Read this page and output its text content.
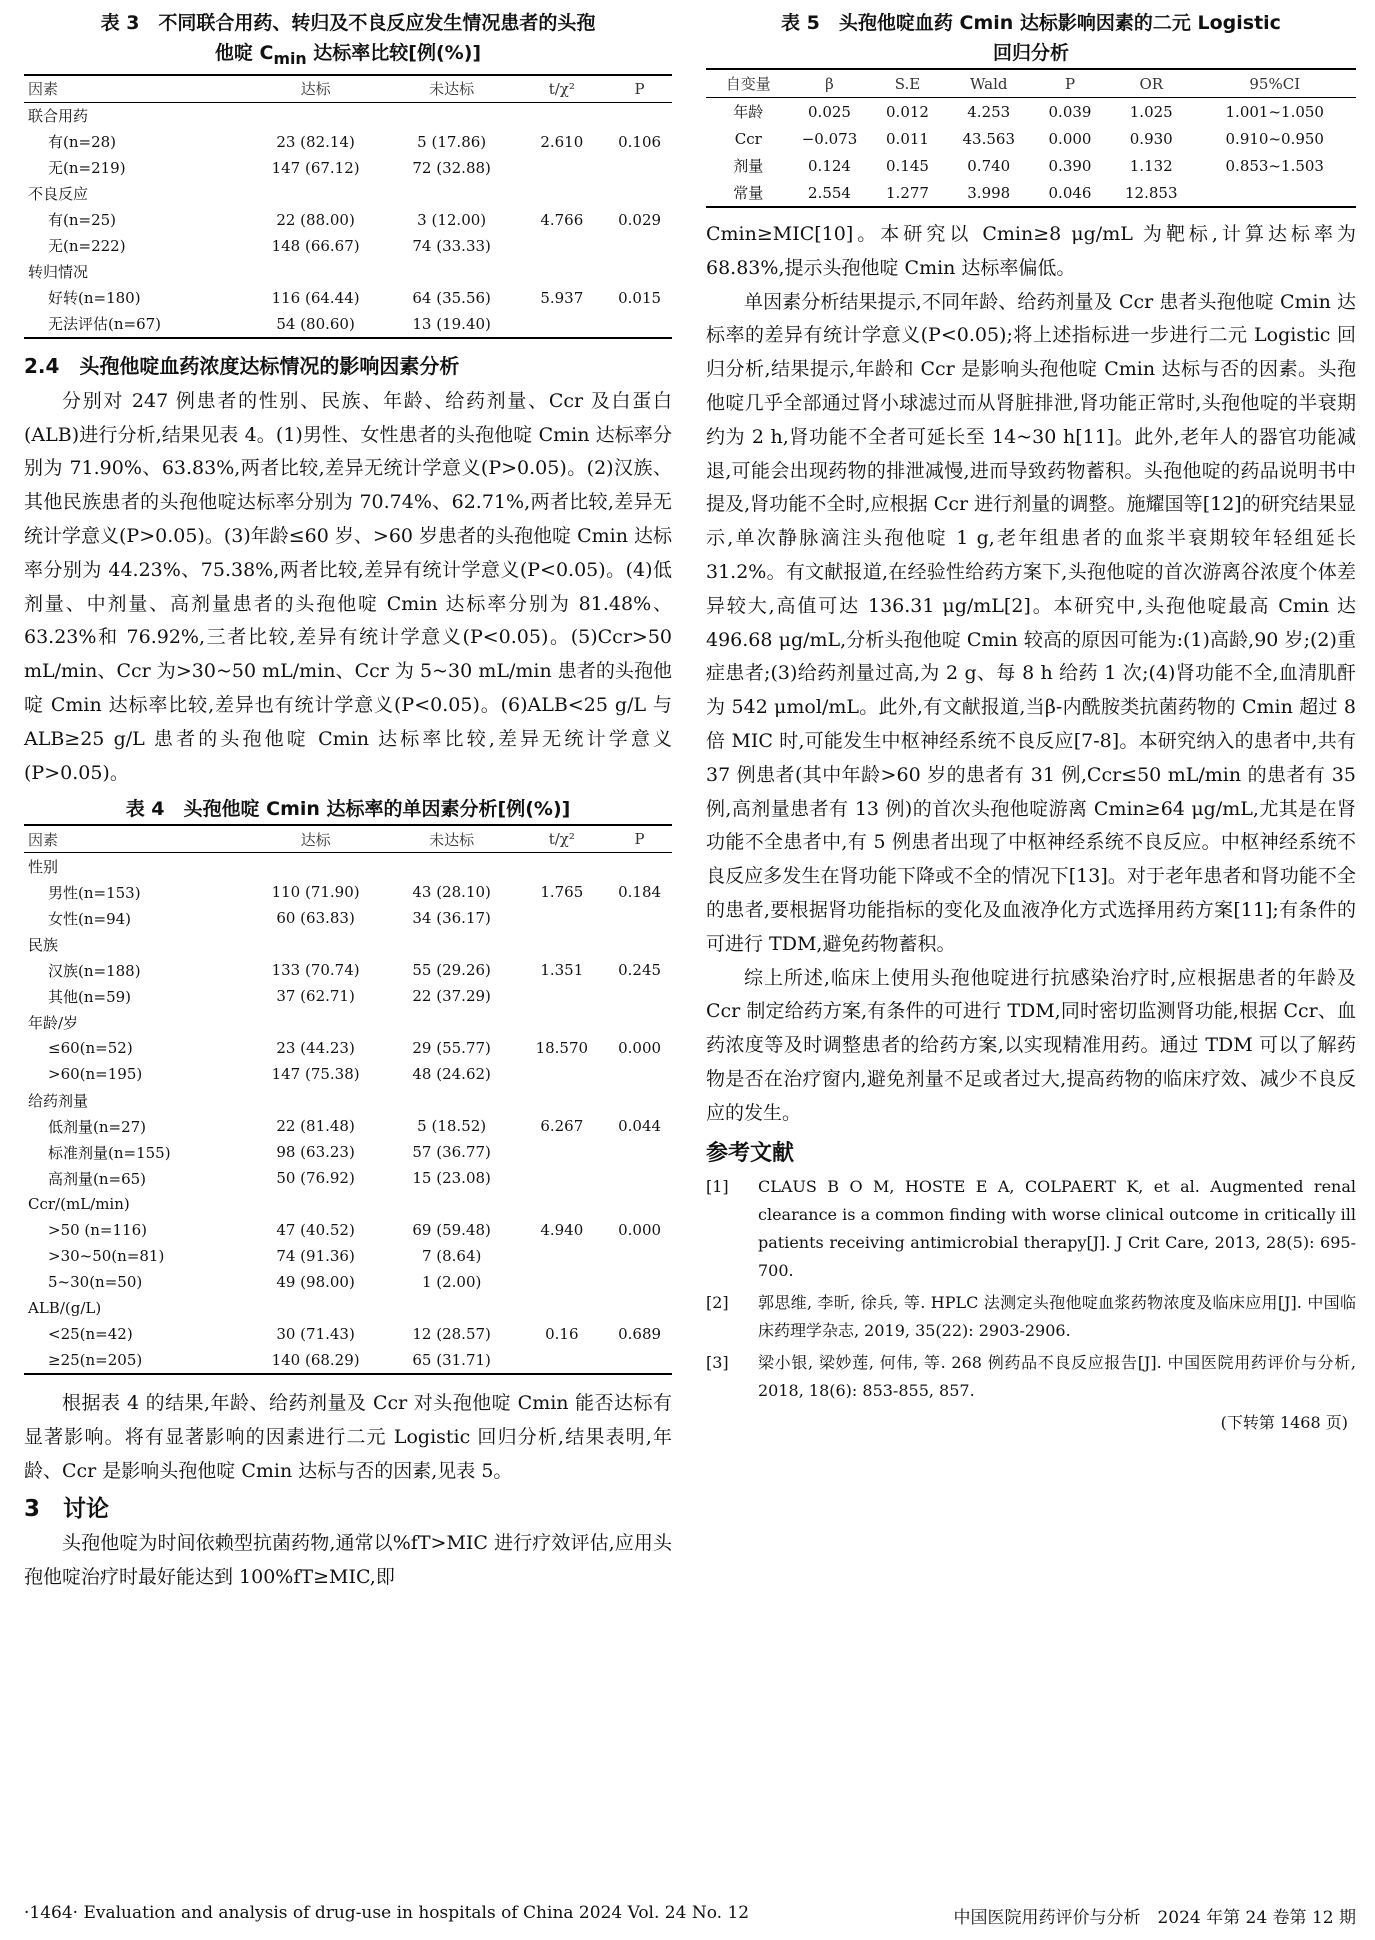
表 3　不同联合用药、转归及不良反应发生情况患者的头孢
他啶 $C_{min}$ 达标率比较[例(%)]

因素	达标	未达标	t/χ²	P
联合用药				
有(n=28)	23 (82.14)	5 (17.86)	2.610	0.106
无(n=219)	147 (67.12)	72 (32.88)		
不良反应				
有(n=25)	22 (88.00)	3 (12.00)	4.766	0.029
无(n=222)	148 (66.67)	74 (33.33)		
转归情况				
好转(n=180)	116 (64.44)	64 (35.56)	5.937	0.015
无法评估(n=67)	54 (80.60)	13 (19.40)		
2.4　头孢他啶血药浓度达标情况的影响因素分析

分别对 247 例患者的性别、民族、年龄、给药剂量、Ccr 及白蛋白(ALB)进行分析,结果见表 4。(1)男性、女性患者的头孢他啶 Cmin 达标率分别为 71.90%、63.83%,两者比较,差异无统计学意义(P>0.05)。(2)汉族、其他民族患者的头孢他啶达标率分别为 70.74%、62.71%,两者比较,差异无统计学意义(P>0.05)。(3)年龄≤60 岁、>60 岁患者的头孢他啶 Cmin 达标率分别为 44.23%、75.38%,两者比较,差异有统计学意义(P<0.05)。(4)低剂量、中剂量、高剂量患者的头孢他啶 Cmin 达标率分别为 81.48%、63.23%和 76.92%,三者比较,差异有统计学意义(P<0.05)。(5)Ccr>50 mL/min、Ccr 为>30~50 mL/min、Ccr 为 5~30 mL/min 患者的头孢他啶 Cmin 达标率比较,差异也有统计学意义(P<0.05)。(6)ALB<25 g/L 与 ALB≥25 g/L 患者的头孢他啶 Cmin 达标率比较,差异无统计学意义(P>0.05)。

表 4　头孢他啶 Cmin 达标率的单因素分析[例(%)]

因素	达标	未达标	t/χ²	P
性别				
男性(n=153)	110 (71.90)	43 (28.10)	1.765	0.184
女性(n=94)	60 (63.83)	34 (36.17)		
民族				
汉族(n=188)	133 (70.74)	55 (29.26)	1.351	0.245
其他(n=59)	37 (62.71)	22 (37.29)		
年龄/岁				
≤60(n=52)	23 (44.23)	29 (55.77)	18.570	0.000
>60(n=195)	147 (75.38)	48 (24.62)		
给药剂量				
低剂量(n=27)	22 (81.48)	5 (18.52)	6.267	0.044
标准剂量(n=155)	98 (63.23)	57 (36.77)		
高剂量(n=65)	50 (76.92)	15 (23.08)		
Ccr/(mL/min)				
>50 (n=116)	47 (40.52)	69 (59.48)	4.940	0.000
>30~50(n=81)	74 (91.36)	7 (8.64)		
5~30(n=50)	49 (98.00)	1 (2.00)		
ALB/(g/L)				
<25(n=42)	30 (71.43)	12 (28.57)	0.16	0.689
≥25(n=205)	140 (68.29)	65 (31.71)		

根据表 4 的结果,年龄、给药剂量及 Ccr 对头孢他啶 Cmin 能否达标有显著影响。将有显著影响的因素进行二元 Logistic 回归分析,结果表明,年龄、Ccr 是影响头孢他啶 Cmin 达标与否的因素,见表 5。

3　讨论

头孢他啶为时间依赖型抗菌药物,通常以%fT>MIC 进行疗效评估,应用头孢他啶治疗时最好能达到 100%fT≥MIC,即

表 5　头孢他啶血药 Cmin 达标影响因素的二元 Logistic
回归分析

自变量	β	S.E	Wald	P	OR	95%CI
年龄	0.025	0.012	4.253	0.039	1.025	1.001~1.050
Ccr	−0.073	0.011	43.563	0.000	0.930	0.910~0.950
剂量	0.124	0.145	0.740	0.390	1.132	0.853~1.503
常量	2.554	1.277	3.998	0.046	12.853	

Cmin≥MIC[10]。本研究以 Cmin≥8 μg/mL 为靶标,计算达标率为 68.83%,提示头孢他啶 Cmin 达标率偏低。

单因素分析结果提示,不同年龄、给药剂量及 Ccr 患者头孢他啶 Cmin 达标率的差异有统计学意义(P<0.05);将上述指标进一步进行二元 Logistic 回归分析,结果提示,年龄和 Ccr 是影响头孢他啶 Cmin 达标与否的因素。头孢他啶几乎全部通过肾小球滤过而从肾脏排泄,肾功能正常时,头孢他啶的半衰期约为 2 h,肾功能不全者可延长至 14~30 h[11]。此外,老年人的器官功能减退,可能会出现药物的排泄减慢,进而导致药物蓄积。头孢他啶的药品说明书中提及,肾功能不全时,应根据 Ccr 进行剂量的调整。施耀国等[12]的研究结果显示,单次静脉滴注头孢他啶 1 g,老年组患者的血浆半衰期较年轻组延长 31.2%。有文献报道,在经验性给药方案下,头孢他啶的首次游离谷浓度个体差异较大,高值可达 136.31 μg/mL[2]。本研究中,头孢他啶最高 Cmin 达 496.68 μg/mL,分析头孢他啶 Cmin 较高的原因可能为:(1)高龄,90 岁;(2)重症患者;(3)给药剂量过高,为 2 g、每 8 h 给药 1 次;(4)肾功能不全,血清肌酐为 542 μmol/mL。此外,有文献报道,当β-内酰胺类抗菌药物的 Cmin 超过 8 倍 MIC 时,可能发生中枢神经系统不良反应[7-8]。本研究纳入的患者中,共有 37 例患者(其中年龄>60 岁的患者有 31 例,Ccr≤50 mL/min 的患者有 35 例,高剂量患者有 13 例)的首次头孢他啶游离 Cmin≥64 μg/mL,尤其是在肾功能不全患者中,有 5 例患者出现了中枢神经系统不良反应。中枢神经系统不良反应多发生在肾功能下降或不全的情况下[13]。对于老年患者和肾功能不全的患者,要根据肾功能指标的变化及血液净化方式选择用药方案[11];有条件的可进行 TDM,避免药物蓄积。

综上所述,临床上使用头孢他啶进行抗感染治疗时,应根据患者的年龄及 Ccr 制定给药方案,有条件的可进行 TDM,同时密切监测肾功能,根据 Ccr、血药浓度等及时调整患者的给药方案,以实现精准用药。通过 TDM 可以了解药物是否在治疗窗内,避免剂量不足或者过大,提高药物的临床疗效、减少不良反应的发生。

参考文献
[1]	CLAUS B O M, HOSTE E A, COLPAERT K, et al. Augmented renal clearance is a common finding with worse clinical outcome in critically ill patients receiving antimicrobial therapy[J]. J Crit Care, 2013, 28(5): 695-700.
[2]	郭思维, 李昕, 徐兵, 等. HPLC 法测定头孢他啶血浆药物浓度及临床应用[J]. 中国临床药理学杂志, 2019, 35(22): 2903-2906.
[3]	梁小银, 梁妙莲, 何伟, 等. 268 例药品不良反应报告[J]. 中国医院用药评价与分析, 2018, 18(6): 853-855, 857.
(下转第 1468 页)
·1464· Evaluation and analysis of drug-use in hospitals of China 2024 Vol. 24 No. 12	中国医院用药评价与分析　2024 年第 24 卷第 12 期
